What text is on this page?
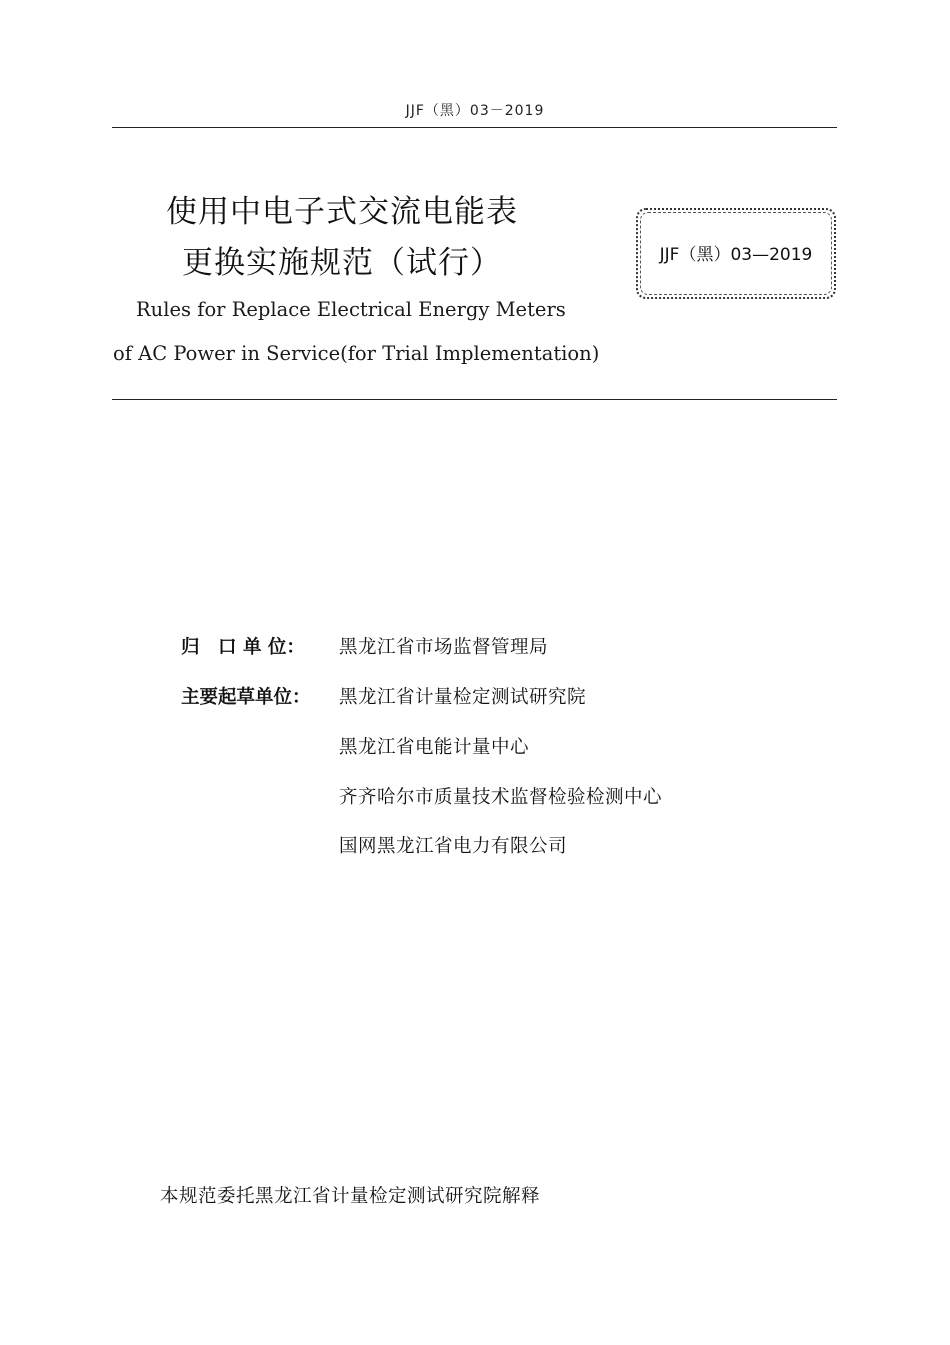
JJF（黑）03－2019
使用中电子式交流电能表
更换实施规范（试行）
Rules for Replace Electrical Energy Meters
of AC Power in Service(for Trial Implementation)
JJF（黑）03—2019
归　口 单 位： 黑龙江省市场监督管理局
主要起草单位： 黑龙江省计量检定测试研究院
黑龙江省电能计量中心
齐齐哈尔市质量技术监督检验检测中心
国网黑龙江省电力有限公司
本规范委托黑龙江省计量检定测试研究院解释
